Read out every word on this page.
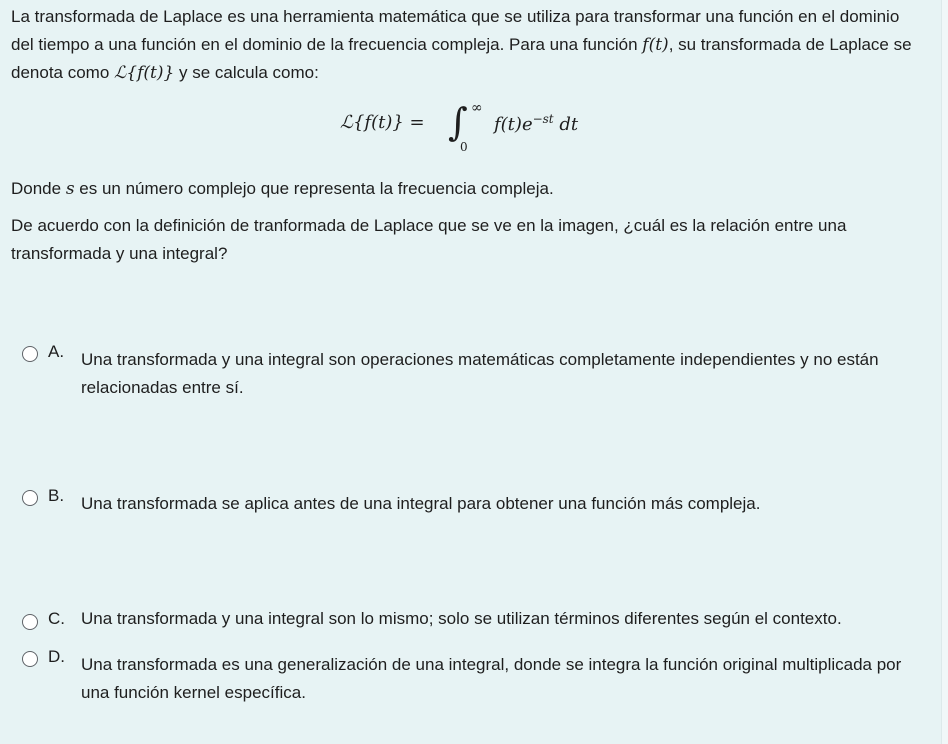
La transformada de Laplace es una herramienta matemática que se utiliza para transformar una función en el dominio del tiempo a una función en el dominio de la frecuencia compleja. Para una función f(t), su transformada de Laplace se denota como ℒ{f(t)} y se calcula como:
ℒ{f(t)} = ∫ ∞
0
$f(t)e^{-st}$ dt
Donde s es un número complejo que representa la frecuencia compleja.
De acuerdo con la definición de tranformada de Laplace que se ve en la imagen, ¿cuál es la relación entre una transformada y una integral?
A. Una transformada y una integral son operaciones matemáticas completamente independientes y no están relacionadas entre sí.
B. Una transformada se aplica antes de una integral para obtener una función más compleja.
C. Una transformada y una integral son lo mismo; solo se utilizan términos diferentes según el contexto.
D. Una transformada es una generalización de una integral, donde se integra la función original multiplicada por una función kernel específica.
